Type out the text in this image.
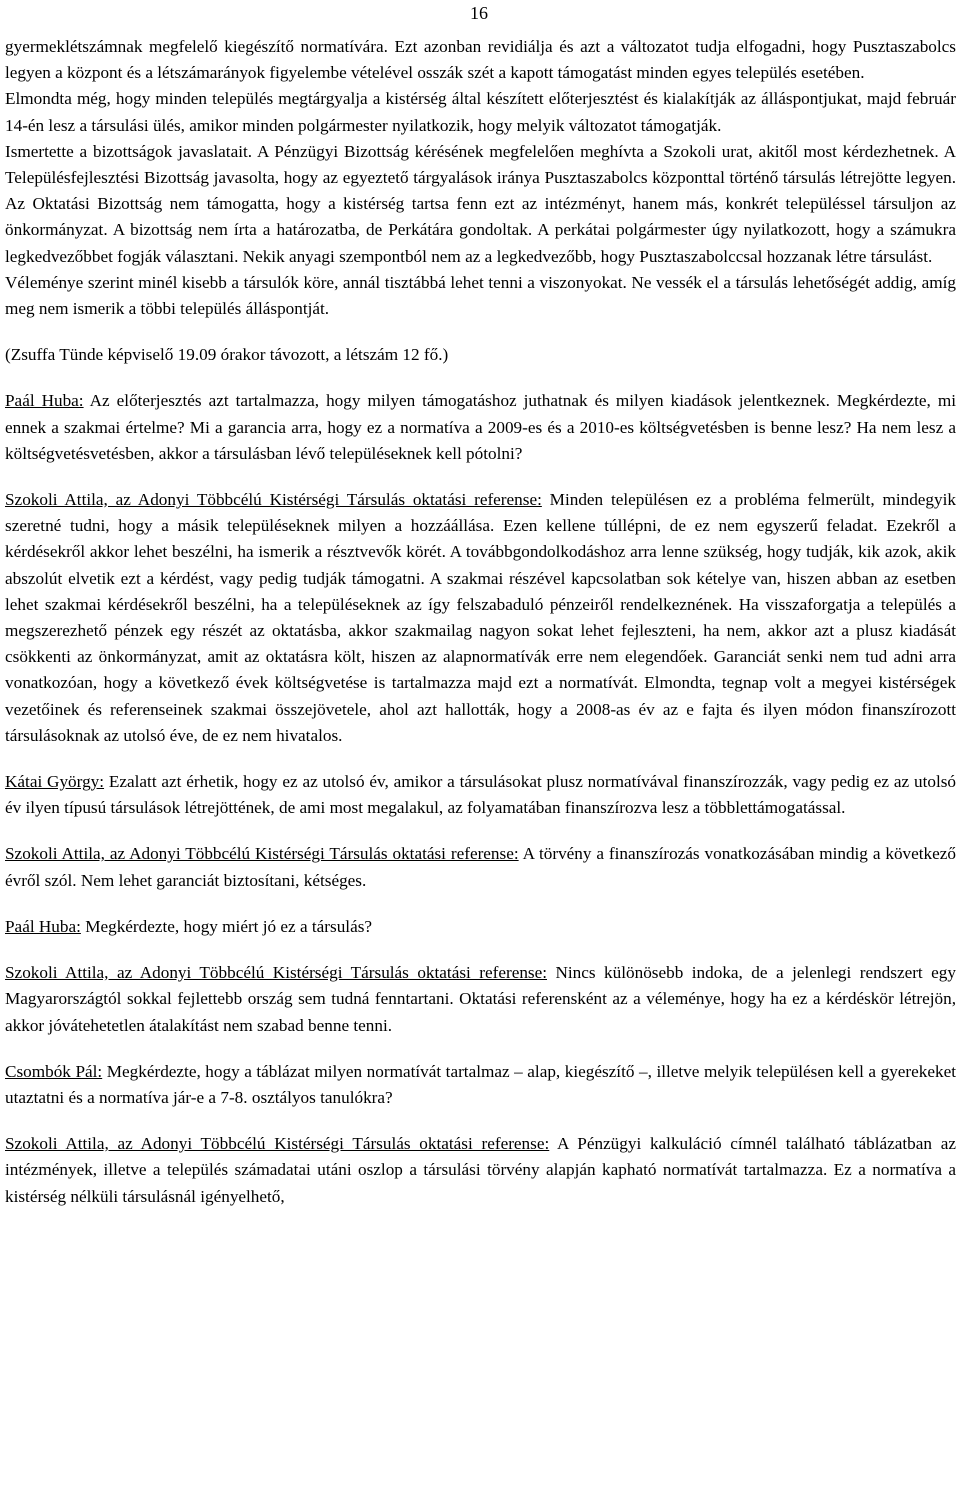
16

gyermeklétszámnak megfelelő kiegészítő normatívára. Ezt azonban revidiálja és azt a változatot tudja elfogadni, hogy Pusztaszabolcs legyen a központ és a létszámarányok figyelembe vételével osszák szét a kapott támogatást minden egyes település esetében.

Elmondta még, hogy minden település megtárgyalja a kistérség által készített előterjesztést és kialakítják az álláspontjukat, majd február 14-én lesz a társulási ülés, amikor minden polgármester nyilatkozik, hogy melyik változatot támogatják.

Ismertette a bizottságok javaslatait. A Pénzügyi Bizottság kérésének megfelelően meghívta a Szokoli urat, akitől most kérdezhetnek. A Településfejlesztési Bizottság javasolta, hogy az egyeztető tárgyalások iránya Pusztaszabolcs központtal történő társulás létrejötte legyen. Az Oktatási Bizottság nem támogatta, hogy a kistérség tartsa fenn ezt az intézményt, hanem más, konkrét településsel társuljon az önkormányzat. A bizottság nem írta a határozatba, de Perkátára gondoltak. A perkátai polgármester úgy nyilatkozott, hogy a számukra legkedvezőbbet fogják választani. Nekik anyagi szempontból nem az a legkedvezőbb, hogy Pusztaszabolccsal hozzanak létre társulást.

Véleménye szerint minél kisebb a társulók köre, annál tisztábbá lehet tenni a viszonyokat. Ne vessék el a társulás lehetőségét addig, amíg meg nem ismerik a többi település álláspontját.

(Zsuffa Tünde képviselő 19.09 órakor távozott, a létszám 12 fő.)

Paál Huba: Az előterjesztés azt tartalmazza, hogy milyen támogatáshoz juthatnak és milyen kiadások jelentkeznek. Megkérdezte, mi ennek a szakmai értelme? Mi a garancia arra, hogy ez a normatíva a 2009-es és a 2010-es költségvetésben is benne lesz? Ha nem lesz a költségvetésvetésben, akkor a társulásban lévő településeknek kell pótolni?

Szokoli Attila, az Adonyi Többcélú Kistérségi Társulás oktatási referense: Minden településen ez a probléma felmerült, mindegyik szeretné tudni, hogy a másik településeknek milyen a hozzáállása. Ezen kellene túllépni, de ez nem egyszerű feladat. Ezekről a kérdésekről akkor lehet beszélni, ha ismerik a résztvevők körét. A továbbgondolkodáshoz arra lenne szükség, hogy tudják, kik azok, akik abszolút elvetik ezt a kérdést, vagy pedig tudják támogatni. A szakmai részével kapcsolatban sok kételye van, hiszen abban az esetben lehet szakmai kérdésekről beszélni, ha a településeknek az így felszabaduló pénzeiről rendelkeznének. Ha visszaforgatja a település a megszerezhető pénzek egy részét az oktatásba, akkor szakmailag nagyon sokat lehet fejleszteni, ha nem, akkor azt a plusz kiadását csökkenti az önkormányzat, amit az oktatásra költ, hiszen az alapnormatívák erre nem elegendőek. Garanciát senki nem tud adni arra vonatkozóan, hogy a következő évek költségvetése is tartalmazza majd ezt a normatívát. Elmondta, tegnap volt a megyei kistérségek vezetőinek és referenseinek szakmai összejövetele, ahol azt hallották, hogy a 2008-as év az e fajta és ilyen módon finanszírozott társulásoknak az utolsó éve, de ez nem hivatalos.

Kátai György: Ezalatt azt érhetik, hogy ez az utolsó év, amikor a társulásokat plusz normatívával finanszírozzák, vagy pedig ez az utolsó év ilyen típusú társulások létrejöttének, de ami most megalakul, az folyamatában finanszírozva lesz a többlettámogatással.

Szokoli Attila, az Adonyi Többcélú Kistérségi Társulás oktatási referense: A törvény a finanszírozás vonatkozásában mindig a következő évről szól. Nem lehet garanciát biztosítani, kétséges.

Paál Huba: Megkérdezte, hogy miért jó ez a társulás?

Szokoli Attila, az Adonyi Többcélú Kistérségi Társulás oktatási referense: Nincs különösebb indoka, de a jelenlegi rendszert egy Magyarországtól sokkal fejlettebb ország sem tudná fenntartani. Oktatási referensként az a véleménye, hogy ha ez a kérdéskör létrejön, akkor jóvátehetetlen átalakítást nem szabad benne tenni.

Csombók Pál: Megkérdezte, hogy a táblázat milyen normatívát tartalmaz – alap, kiegészítő –, illetve melyik településen kell a gyerekeket utaztatni és a normatíva jár-e a 7-8. osztályos tanulókra?

Szokoli Attila, az Adonyi Többcélú Kistérségi Társulás oktatási referense: A Pénzügyi kalkuláció címnél található táblázatban az intézmények, illetve a település számadatai utáni oszlop a társulási törvény alapján kapható normatívát tartalmazza. Ez a normatíva a kistérség nélküli társulásnál igényelhető,
